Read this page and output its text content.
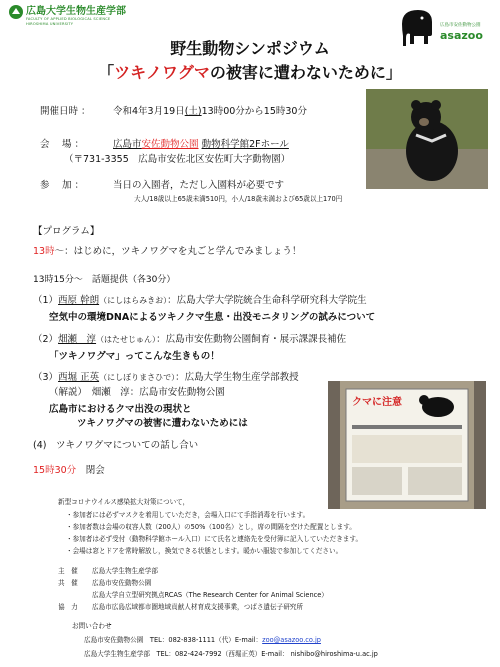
広島大学生物生産学部
FACULTY OF APPLIED BIOLOGICAL SCIENCE
HIROSHIMA UNIVERSITY	広島市安佐動物公園
asazoo
野生動物シンポジウム
「ツキノワグマの被害に遭わないために」
開催日時 ： 令和4年3月19日(土)13時00分から15時30分
会　 場 ：	広島市安佐動物公園 動物科学館2Fホール
（〒731-3355　広島市安佐北区安佐町大字動物園）
参　 加 ：	当日の入園者，ただし入園料が必要です
大人/18歳以上65歳未満510円，小人/18歳未満および65歳以上170円
【プログラム】
13時～：はじめに，ツキノワグマを丸ごと学んでみましょう！
13時15分～　話題提供（各30分）
（1）西原 幹朗（にしはらみきお）：広島大学大学院統合生命科学研究科大学院生
空気中の環境DNAによるツキノクマ生息・出没モニタリングの試みについて
（2）畑瀬　淳（はたせじゅん）：広島市安佐動物公園飼育・展示課課長補佐
「ツキノワグマ」ってこんな生きもの！
（3）西堀 正英（にしぼりまさひで）：広島大学生物生産学部教授
（解説）　畑瀬　淳：広島市安佐動物公園
広島市におけるクマ出没の現状と
ツキノワグマの被害に遭わないためには
(4)　ツキノワグマについての話し合い
15時30分　閉会
クマに注意
新型コロナウイルス感染拡大対策について，
・参加者には必ずマスクを着用していただき，会場入口にて手指消毒を行います。
・参加者数は会場の収容人数（200人）の50%（100名）とし，席の間隔を空けた配置とします。
・参加者は必ず受付（動物科学館ホール入口）にて氏名と連絡先を受付簿に記入していただきます。
・会場は窓とドアを常時解放し，換気できる状態とします。暖かい服装で参加してください。
主　催 広島大学生物生産学部
共　催 広島市安佐動物公園
広島大学自立型研究拠点RCAS（The Research Center for Animal Science）
協　力 広島市広島広域都市圏地域貢献人材育成支援事業，つばさ遺伝子研究所
お問い合わせ
広島市安佐動物公園　TEL：082-838-1111（代）E-mail：zoo@asazoo.co.jp
広島大学生物生産学部　TEL：082-424-7992（西堀正英）E-mail： nishibo@hiroshima-u.ac.jp
